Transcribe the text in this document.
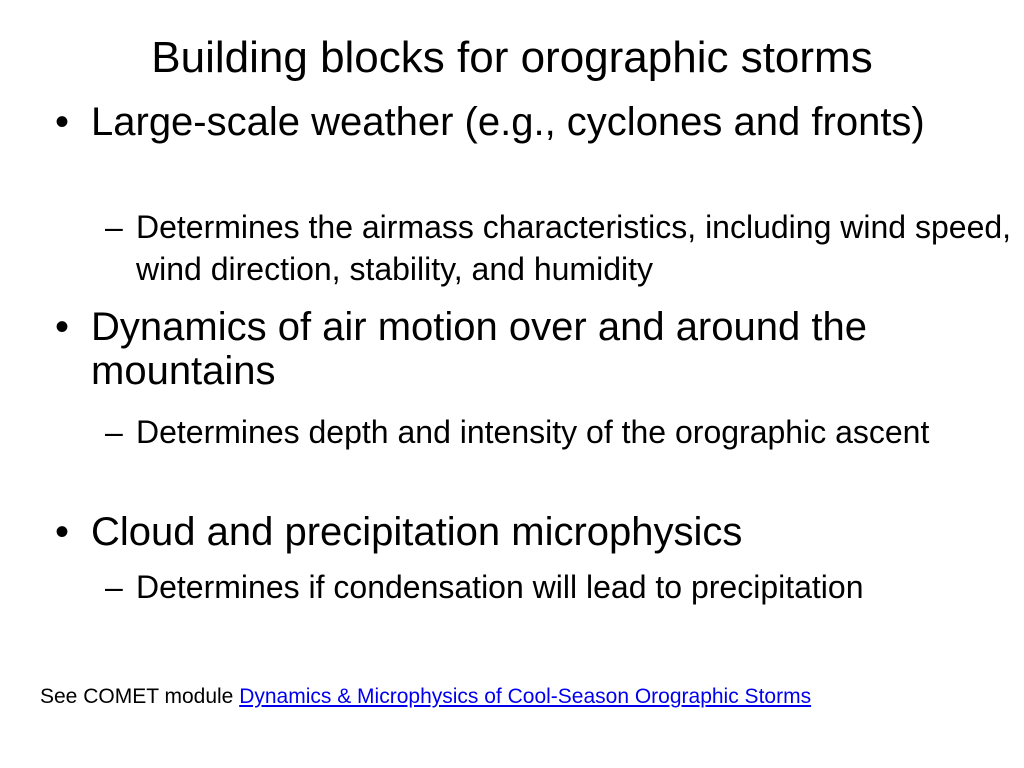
Building blocks for orographic storms
• Large-scale weather (e.g., cyclones and fronts)
– Determines the airmass characteristics, including wind speed, wind direction, stability, and humidity
• Dynamics of air motion over and around the mountains
– Determines depth and intensity of the orographic ascent
• Cloud and precipitation microphysics
– Determines if condensation will lead to precipitation
See COMET module Dynamics & Microphysics of Cool-Season Orographic Storms
